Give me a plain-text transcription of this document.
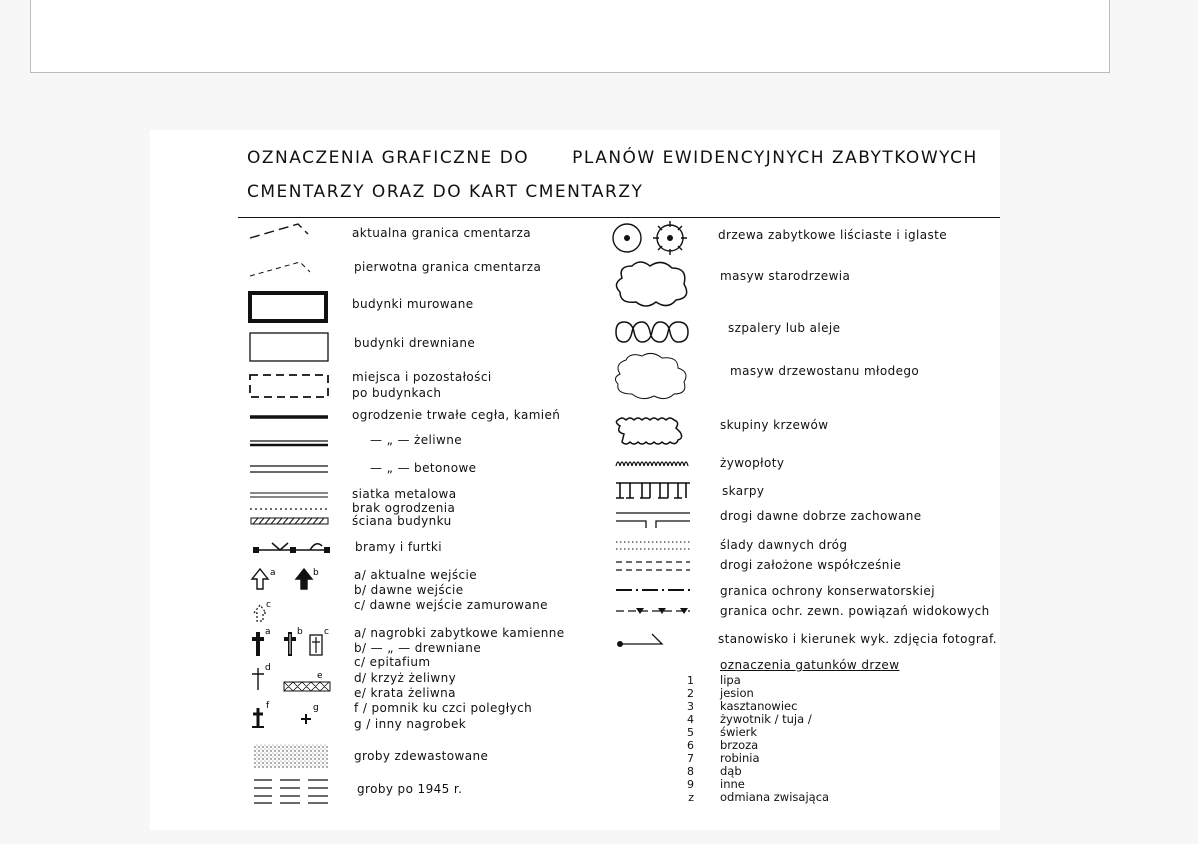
OZNACZENIA GRAFICZNE DO	PLANÓW EWIDENCYJNYCH ZABYTKOWYCH
CMENTARZY ORAZ DO KART CMENTARZY
aktualna granica cmentarza
pierwotna granica cmentarza
budynki murowane
budynki drewniane
miejsca i pozostałości
po budynkach
ogrodzenie trwałe cegła, kamień
— „ — żeliwne
— „ — betonowe
siatka metalowa
brak ogrodzenia
ściana budynku
bramy i furtki
a	b
c
a/ aktualne wejście
b/ dawne wejście
c/ dawne wejście zamurowane
a	b c a/ nagrobki zabytkowe kamienne
b/ — „ — drewniane
c/ epitafium
d
e
f	g
d/ krzyż żeliwny
e/ krata żeliwna
f / pomnik ku czci poległych
g / inny nagrobek
groby zdewastowane
groby po 1945 r.
drzewa zabytkowe liściaste i iglaste
masyw starodrzewia
szpalery lub aleje
masyw drzewostanu młodego
skupiny krzewów
żywopłoty
skarpy
drogi dawne dobrze zachowane
ślady dawnych dróg
drogi założone współcześnie
granica ochrony konserwatorskiej
granica ochr. zewn. powiązań widokowych
stanowisko i kierunek wyk. zdjęcia fotograf.
oznaczenia gatunków drzew
1 lipa
2 jesion
3 kasztanowiec
4 żywotnik / tuja /
5 świerk
6 brzoza
7 robinia
8 dąb
9 inne
z odmiana zwisająca
